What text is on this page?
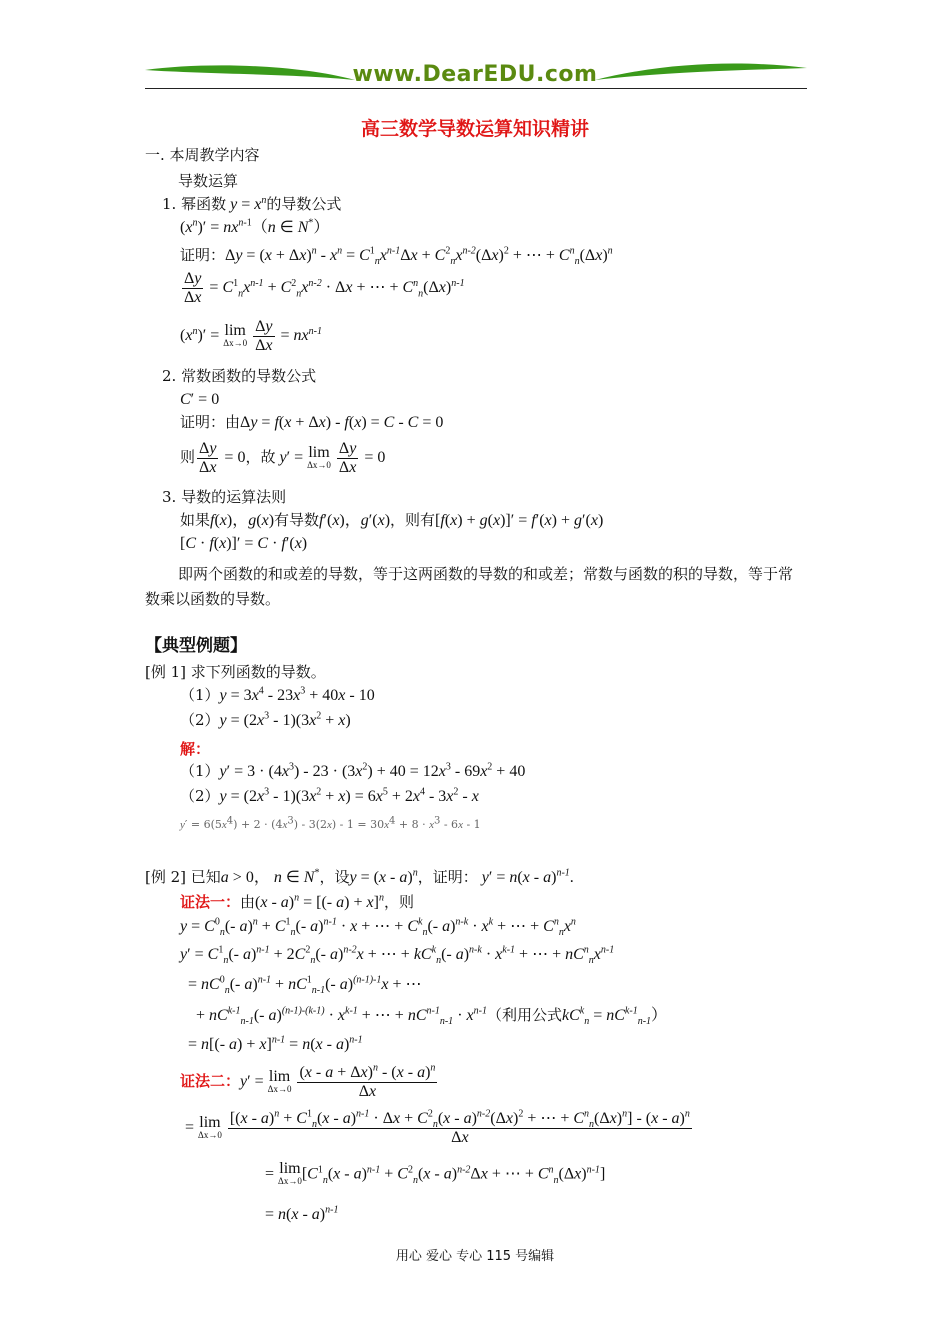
www.DearEDU.com
高三数学导数运算知识精讲
一. 本周教学内容
导数运算
1. 幂函数 $y = x^n$的导数公式
$(x^n)' = nx^{n-1}(n$ ∈ N*）
证明：$\Delta y = (x + \Delta x)^n - x^n = C^1_nx^{n-1}\Delta x + C^2_nx^{n-2}(\Delta x)^2$ + ⋯ + $C^n_n(\Delta x)^n$
$\frac{\Delta y}{\Delta x} = C^1_nx^{n-1} + C^2_nx^{n-2} \cdot \Delta x$ + ⋯ + $C^n_n(\Delta x)^{n-1}$
$(x^n)' = \lim$
Δx→0
$\frac{\Delta y}{\Delta x} = nx^{n-1}$
2. 常数函数的导数公式
C′ = 0
证明：由Δy = f(x + Δx) - f(x) = C - C = 0
则 $\frac{\Delta y}{\Delta x} = 0$，故 y′ = lim
Δx→0
$\frac{\Delta y}{\Delta x} = 0$
3. 导数的运算法则
如果f(x)，g(x)有导数f′(x)，g′(x)，则有[f(x) + g(x)]′ = f′(x) + g′(x)
[C · f(x)]′ = C · f′(x)
即两个函数的和或差的导数，等于这两函数的导数的和或差；常数与函数的积的导数，等于常数乘以函数的导数。
【典型例题】
[例 1] 求下列函数的导数。
$(1)y = 3x^4 - 23x^3 + 40x - 10$
$(2)y = (2x^3 - 1)(3x^2 + x)$
解：
$(1)y' = 3 \cdot (4x^3) - 23 \cdot (3x^2) + 40 = 12x^3 - 69x^2 + 40$
$(2)y = (2x^3 - 1)(3x^2 + x) = 6x^5 + 2x^4 - 3x^2 - x$
$y' = 6(5x^4) + 2 \cdot (4x^3) - 3(2x) - 1 = 30x^4 + 8 \cdot x^3 - 6x - 1$
[例 2] 已知a > 0， n ∈ N*，设y = (x - a)$^n$，证明： y′ = n(x - a)$^{n-1}$.
证法一：由(x - a)$^n$ = [(- a) + x]$^n$，则
$y = C^0_n(-$ $a)^n + C^1_n(-$ a)$^{n-1}$ · x + ⋯ + $C^k_n(-$ $a)^{n-k} \cdot x^k$ + ⋯ + $C^n_nx^n$
$y' = C^1_n(-$ $a)^{n-1} + 2C^2_n(-$ a)$^{n-2}$x + ⋯ + $kC^k_n(-$ $a)^{n-k} \cdot x^{k-1}$ + ⋯ + $nC^n_nx^{n-1}$
= $nC^0_n(-$ $a)^{n-1} + nC^1_{n-1}(-$ a)$^{(n-1)-1}$x + ⋯
+ $nC^{k-1}_{n-1}(-$ $a)^{(n-1)-(k-1)} \cdot x^{k-1}$ + ⋯ + $nC^{n-1}_{n-1} \cdot x^{n-1}$（利用公式$kC^k_n = nC^{k-1}_{n-1}$）
= n[(- a) + x]$^{n-1}$ = n(x - a)$^{n-1}$
证法二：y′ = lim
Δx→0
$\frac{(x - a + \Delta x)^n - (x - a)^n}{\Delta x}$
= lim
Δx→0

[$(x - a)^n + C^1_n(x - a)^{n-1} \cdot \Delta x + C^2_n(x - a)^{n-2}(\Delta x)^2$ + ⋯ + $C^n_n(\Delta x)^n] - (x - a)^n$
Δx
= lim
Δx→0 [$C^1_n(x - a)^{n-1} + C^2_n(x - a)^{n-2}\Delta x$ + ⋯ + $C^n_n(\Delta x)^{n-1}$]
= n(x - a)$^{n-1}$
用心 爱心 专心 115 号编辑
